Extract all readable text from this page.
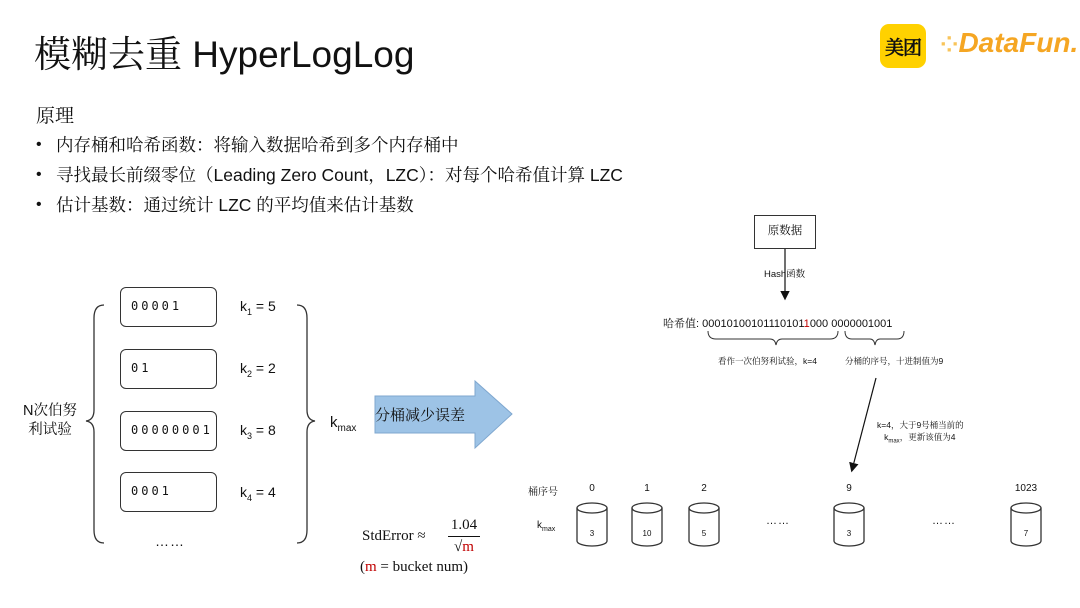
模糊去重 HyperLogLog	美团 ⁘DataFun.
原理
• 内存桶和哈希函数：将输入数据哈希到多个内存桶中
• 寻找最长前缀零位（Leading Zero Count，LZC）：对每个哈希值计算 LZC
• 估计基数：通过统计 LZC 的平均值来估计基数
00001
01
00000001
0001
$k_1 = 5$
$k_2 = 2$
$k_3 = 8$
$k_4 = 4$
N次伯努
利试验
……
$k_{max}$
分桶减少误差
StdError ≈
1.04
√m
(m = bucket num)
原数据
Hash函数
哈希值: 000101001011101011000 0000001001
看作一次伯努利试验，k=4	分桶的序号，十进制值为9
k=4，大于9号桶当前的
$k_{max}$，更新该值为4
桶序号
$k_{max}$
0	1	2	9	1023
3	10	5	3	7
……	……
